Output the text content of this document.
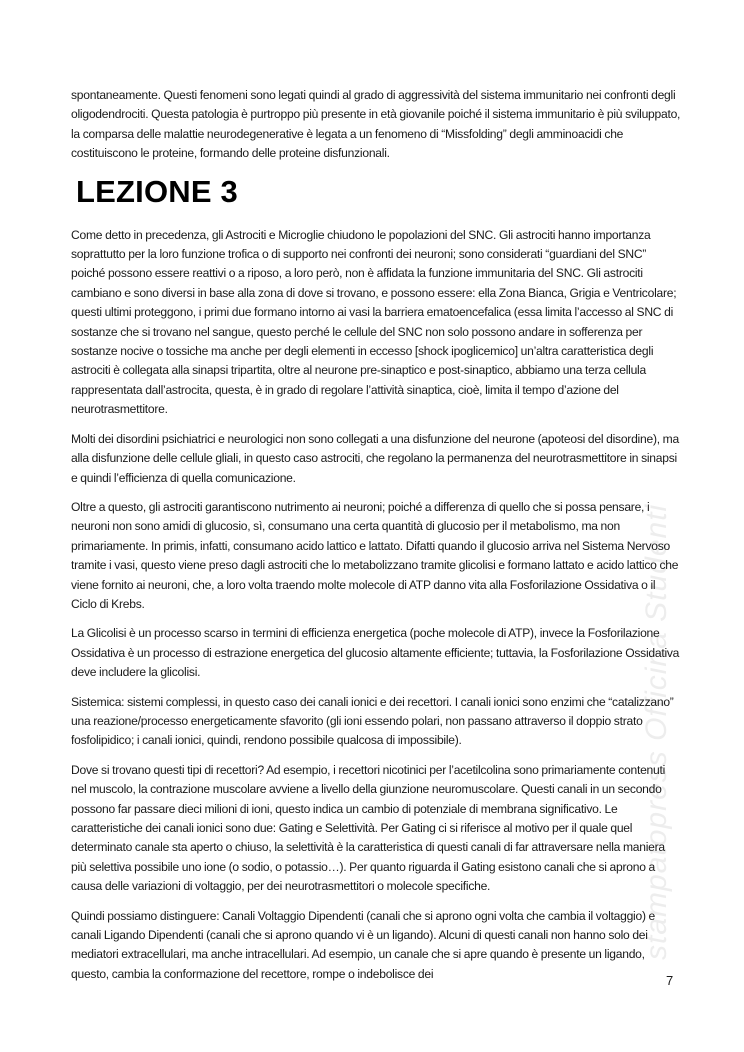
stampatopress Officina Studenti

spontaneamente. Questi fenomeni sono legati quindi al grado di aggressività del sistema immunitario nei confronti degli oligodendrociti. Questa patologia è purtroppo più presente in età giovanile poiché il sistema immunitario è più sviluppato, la comparsa delle malattie neurodegenerative è legata a un fenomeno di “Missfolding” degli amminoacidi che costituiscono le proteine, formando delle proteine disfunzionali.

LEZIONE 3

Come detto in precedenza, gli Astrociti e Microglie chiudono le popolazioni del SNC. Gli astrociti hanno importanza soprattutto per la loro funzione trofica o di supporto nei confronti dei neuroni; sono considerati “guardiani del SNC” poiché possono essere reattivi o a riposo, a loro però, non è affidata la funzione immunitaria del SNC. Gli astrociti cambiano e sono diversi in base alla zona di dove si trovano, e possono essere: ella Zona Bianca, Grigia e Ventricolare; questi ultimi proteggono, i primi due formano intorno ai vasi la barriera ematoencefalica (essa limita l’accesso al SNC di sostanze che si trovano nel sangue, questo perché le cellule del SNC non solo possono andare in sofferenza per sostanze nocive o tossiche ma anche per degli elementi in eccesso [shock ipoglicemico] un’altra caratteristica degli astrociti è collegata alla sinapsi tripartita, oltre al neurone pre-sinaptico e post-sinaptico, abbiamo una terza cellula rappresentata dall’astrocita, questa, è in grado di regolare l’attività sinaptica, cioè, limita il tempo d’azione del neurotrasmettitore.

Molti dei disordini psichiatrici e neurologici non sono collegati a una disfunzione del neurone (apoteosi del disordine), ma alla disfunzione delle cellule gliali, in questo caso astrociti, che regolano la permanenza del neurotrasmettitore in sinapsi e quindi l’efficienza di quella comunicazione.

Oltre a questo, gli astrociti garantiscono nutrimento ai neuroni; poiché a differenza di quello che si possa pensare, i neuroni non sono amidi di glucosio, sì, consumano una certa quantità di glucosio per il metabolismo, ma non primariamente. In primis, infatti, consumano acido lattico e lattato. Difatti quando il glucosio arriva nel Sistema Nervoso tramite i vasi, questo viene preso dagli astrociti che lo metabolizzano tramite glicolisi e formano lattato e acido lattico che viene fornito ai neuroni, che, a loro volta traendo molte molecole di ATP danno vita alla Fosforilazione Ossidativa o il Ciclo di Krebs.

La Glicolisi è un processo scarso in termini di efficienza energetica (poche molecole di ATP), invece la Fosforilazione Ossidativa è un processo di estrazione energetica del glucosio altamente efficiente; tuttavia, la Fosforilazione Ossidativa deve includere la glicolisi.

Sistemica: sistemi complessi, in questo caso dei canali ionici e dei recettori. I canali ionici sono enzimi che “catalizzano” una reazione/processo energeticamente sfavorito (gli ioni essendo polari, non passano attraverso il doppio strato fosfolipidico; i canali ionici, quindi, rendono possibile qualcosa di impossibile).

Dove si trovano questi tipi di recettori? Ad esempio, i recettori nicotinici per l’acetilcolina sono primariamente contenuti nel muscolo, la contrazione muscolare avviene a livello della giunzione neuromuscolare. Questi canali in un secondo possono far passare dieci milioni di ioni, questo indica un cambio di potenziale di membrana significativo. Le caratteristiche dei canali ionici sono due: Gating e Selettività. Per Gating ci si riferisce al motivo per il quale quel determinato canale sta aperto o chiuso, la selettività è la caratteristica di questi canali di far attraversare nella maniera più selettiva possibile uno ione (o sodio, o potassio…). Per quanto riguarda il Gating esistono canali che si aprono a causa delle variazioni di voltaggio, per dei neurotrasmettitori o molecole specifiche.

Quindi possiamo distinguere: Canali Voltaggio Dipendenti (canali che si aprono ogni volta che cambia il voltaggio) e canali Ligando Dipendenti (canali che si aprono quando vi è un ligando). Alcuni di questi canali non hanno solo dei mediatori extracellulari, ma anche intracellulari. Ad esempio, un canale che si apre quando è presente un ligando, questo, cambia la conformazione del recettore, rompe o indebolisce dei	7
